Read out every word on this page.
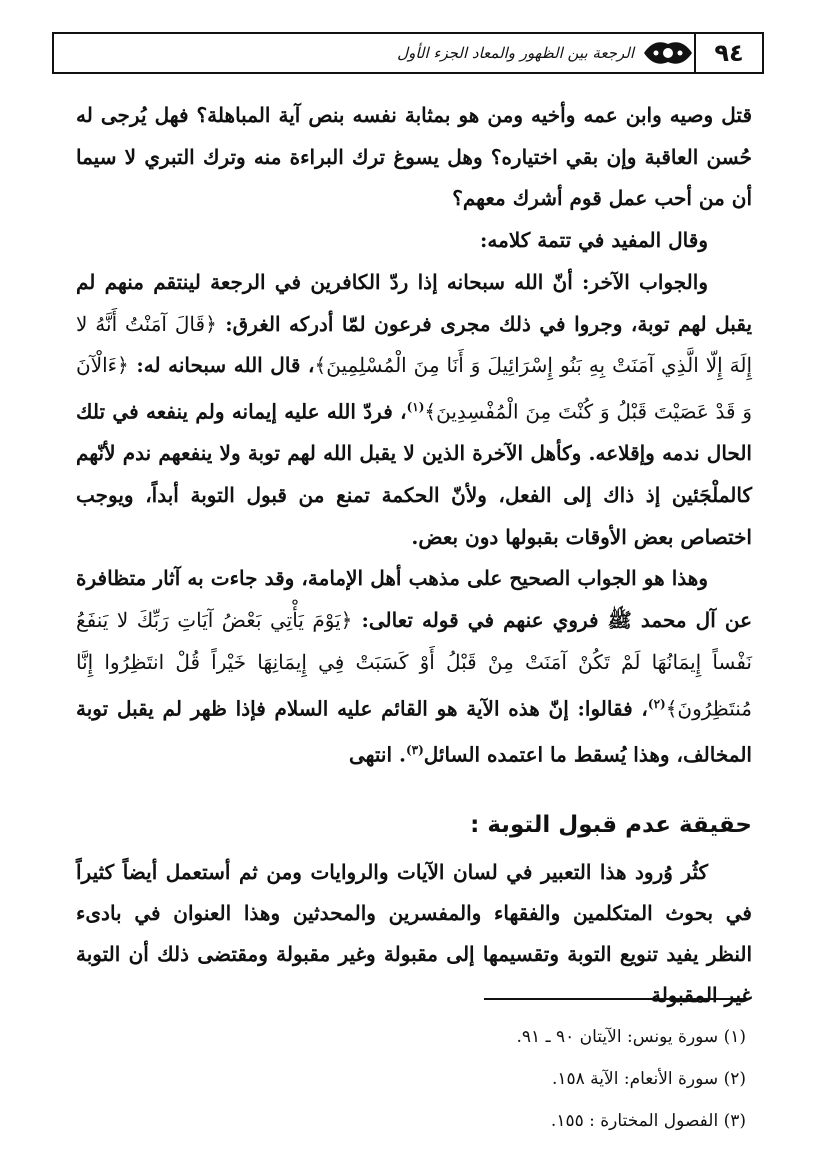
٩٤
الرجعة بين الظهور والمعاد الجزء الأول

قتل وصيه وابن عمه وأخيه ومن هو بمثابة نفسه بنص آية المباهلة؟ فهل يُرجى له حُسن العاقبة وإن بقي اختياره؟ وهل يسوغ ترك البراءة منه وترك التبري لا سيما أن من أحب عمل قوم أشرك معهم؟

وقال المفيد في تتمة كلامه:

والجواب الآخر: أنّ الله سبحانه إذا ردّ الكافرين في الرجعة لينتقم منهم لم يقبل لهم توبة، وجروا في ذلك مجرى فرعون لمّا أدركه الغرق: ﴿قَالَ آمَنْتُ أَنَّهُ لا إِلَهَ إِلّا الَّذِي آمَنَتْ بِهِ بَنُو إِسْرَائِيلَ وَ أَنَا مِنَ الْمُسْلِمِينَ﴾، قال الله سبحانه له: ﴿ءَالْآنَ وَ قَدْ عَصَيْتَ قَبْلُ وَ كُنْتَ مِنَ الْمُفْسِدِينَ﴾$^{(١)}$، فردّ الله عليه إيمانه ولم ينفعه في تلك الحال ندمه وإقلاعه. وكأهل الآخرة الذين لا يقبل الله لهم توبة ولا ينفعهم ندم لأنّهم كالملْجَئين إذ ذاك إلى الفعل، ولأنّ الحكمة تمنع من قبول التوبة أبداً، ويوجب اختصاص بعض الأوقات بقبولها دون بعض.

وهذا هو الجواب الصحيح على مذهب أهل الإمامة، وقد جاءت به آثار متظافرة عن آل محمد ﷺ فروي عنهم في قوله تعالى: ﴿يَوْمَ يَأْتِي بَعْضُ آيَاتِ رَبِّكَ لا يَنفَعُ نَفْساً إِيمَانُهَا لَمْ تَكُنْ آمَنَتْ مِنْ قَبْلُ أَوْ كَسَبَتْ فِي إِيمَانِهَا خَيْراً قُلْ انتَظِرُوا إِنَّا مُنتَظِرُونَ﴾$^{(٢)}$، فقالوا: إنّ هذه الآية هو القائم عليه السلام فإذا ظهر لم يقبل توبة المخالف، وهذا يُسقط ما اعتمده السائل$^{(٣)}$. انتهى

حقيقة عدم قبول التوبة :
كثُر وُرود هذا التعبير في لسان الآيات والروايات ومن ثم أستعمل أيضاً كثيراً في بحوث المتكلمين والفقهاء والمفسرين والمحدثين وهذا العنوان في بادىء النظر يفيد تنويع التوبة وتقسيمها إلى مقبولة وغير مقبولة ومقتضى ذلك أن التوبة غير المقبولة
(١) سورة يونس: الآيتان ٩٠ ـ ٩١.
(٢) سورة الأنعام: الآية ١٥٨.
(٣) الفصول المختارة : ١٥٥.
